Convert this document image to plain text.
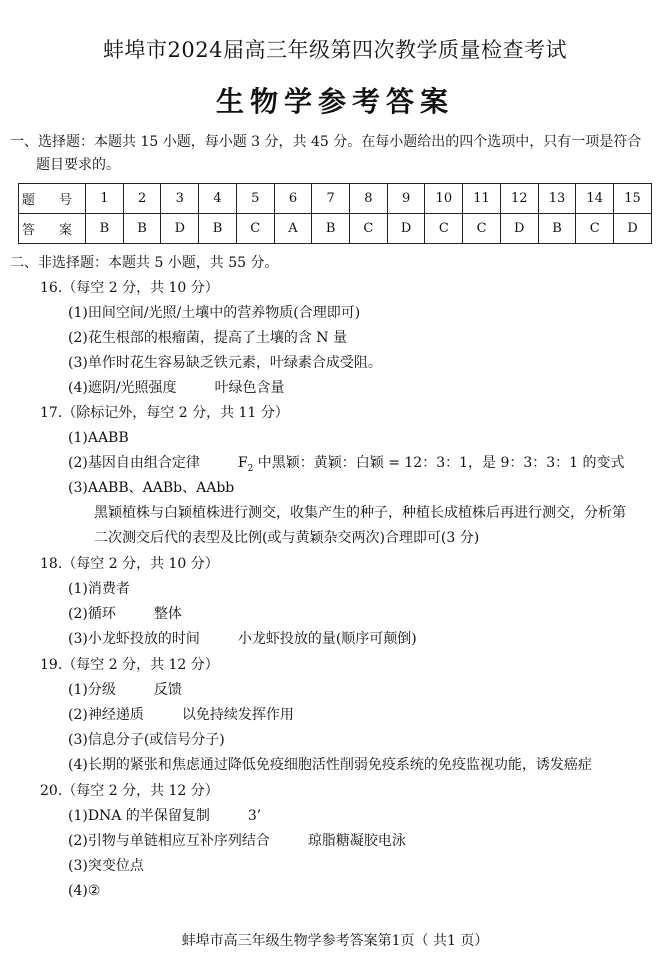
蚌埠市2024届高三年级第四次教学质量检查考试
生物学参考答案
一、选择题：本题共 15 小题，每小题 3 分，共 45 分。在每小题给出的四个选项中，只有一项是符合
题目要求的。
题 号	1	2	3	4	5	6	7	8	9	10	11	12	13	14	15
答 案	B	B	D	B	C	A	B	C	D	C	C	D	B	C	D
二、非选择题：本题共 5 小题，共 55 分。
16.（每空 2 分，共 10 分）
(1)田间空间/光照/土壤中的营养物质(合理即可)
(2)花生根部的根瘤菌，提高了土壤的含 N 量
(3)单作时花生容易缺乏铁元素，叶绿素合成受阻。
(4)遮阴/光照强度	叶绿色含量
17.（除标记外，每空 2 分，共 11 分）
(1)AABB
(2)基因自由组合定律	$F_2$ 中黑颖：黄颖：白颖 = 12：3：1，是 9：3：3：1 的变式
(3)AABB、AABb、AAbb
黑颖植株与白颖植株进行测交，收集产生的种子，种植长成植株后再进行测交，分析第
二次测交后代的表型及比例(或与黄颖杂交两次)合理即可(3 分)
18.（每空 2 分，共 10 分）
(1)消费者
(2)循环	整体
(3)小龙虾投放的时间	小龙虾投放的量(顺序可颠倒)
19.（每空 2 分，共 12 分）
(1)分级	反馈
(2)神经递质	以免持续发挥作用
(3)信息分子(或信号分子)
(4)长期的紧张和焦虑通过降低免疫细胞活性削弱免疫系统的免疫监视功能，诱发癌症
20.（每空 2 分，共 12 分）
(1)DNA 的半保留复制	3’
(2)引物与单链相应互补序列结合	琼脂糖凝胶电泳
(3)突变位点
(4)②
蚌埠市高三年级生物学参考答案第1页（ 共1 页）
